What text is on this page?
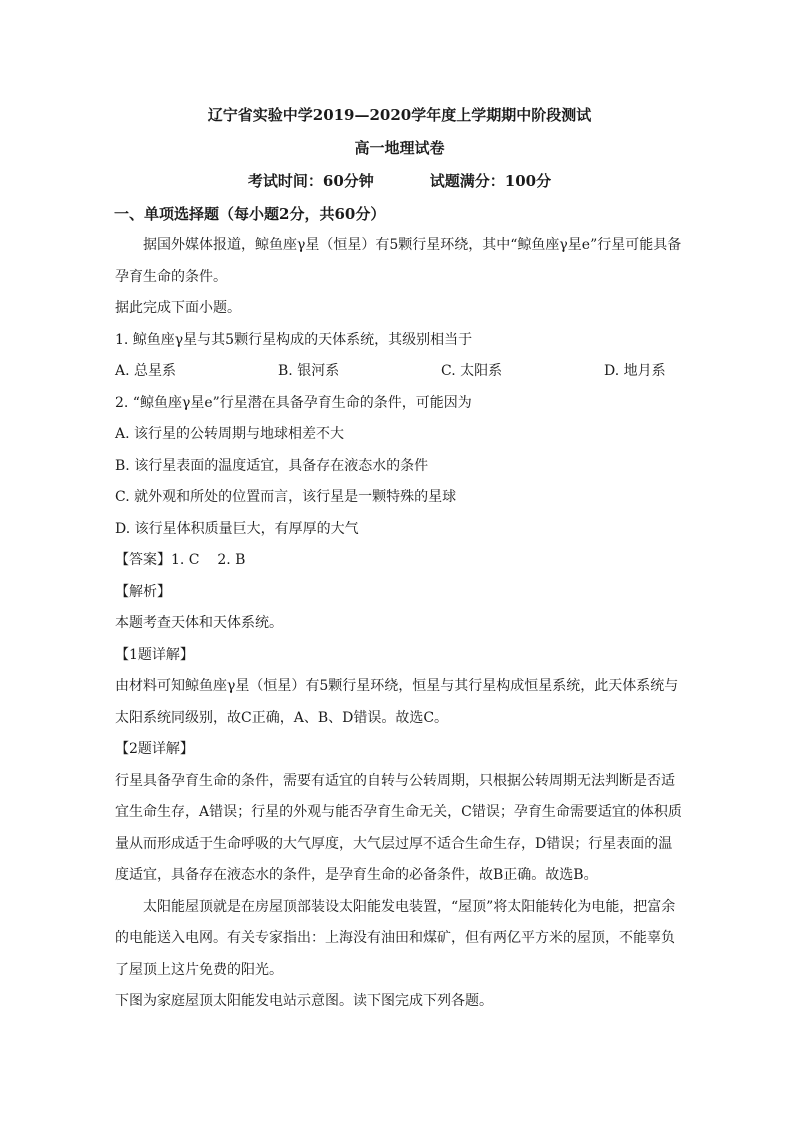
辽宁省实验中学2019—2020学年度上学期期中阶段测试
高一地理试卷
考试时间：60分钟	试题满分：100分
一、单项选择题（每小题2分，共60分）

据国外媒体报道，鲸鱼座γ星（恒星）有5颗行星环绕，其中“鲸鱼座γ星e”行星可能具备孕育生命的条件。

据此完成下面小题。

1. 鲸鱼座γ星与其5颗行星构成的天体系统，其级别相当于

A. 总星系	B. 银河系	C. 太阳系	D. 地月系

2. “鲸鱼座γ星e”行星潜在具备孕育生命的条件，可能因为

A. 该行星的公转周期与地球相差不大

B. 该行星表面的温度适宜，具备存在液态水的条件

C. 就外观和所处的位置而言，该行星是一颗特殊的星球

D. 该行星体积质量巨大，有厚厚的大气

【答案】1. C    2. B

【解析】

本题考查天体和天体系统。

【1题详解】

由材料可知鲸鱼座γ星（恒星）有5颗行星环绕，恒星与其行星构成恒星系统，此天体系统与太阳系统同级别，故C正确，A、B、D错误。故选C。

【2题详解】

行星具备孕育生命的条件，需要有适宜的自转与公转周期，只根据公转周期无法判断是否适宜生命生存，A错误；行星的外观与能否孕育生命无关，C错误；孕育生命需要适宜的体积质量从而形成适于生命呼吸的大气厚度，大气层过厚不适合生命生存，D错误；行星表面的温度适宜，具备存在液态水的条件，是孕育生命的必备条件，故B正确。故选B。

太阳能屋顶就是在房屋顶部装设太阳能发电装置，“屋顶”将太阳能转化为电能，把富余的电能送入电网。有关专家指出：上海没有油田和煤矿，但有两亿平方米的屋顶，不能辜负了屋顶上这片免费的阳光。

下图为家庭屋顶太阳能发电站示意图。读下图完成下列各题。
